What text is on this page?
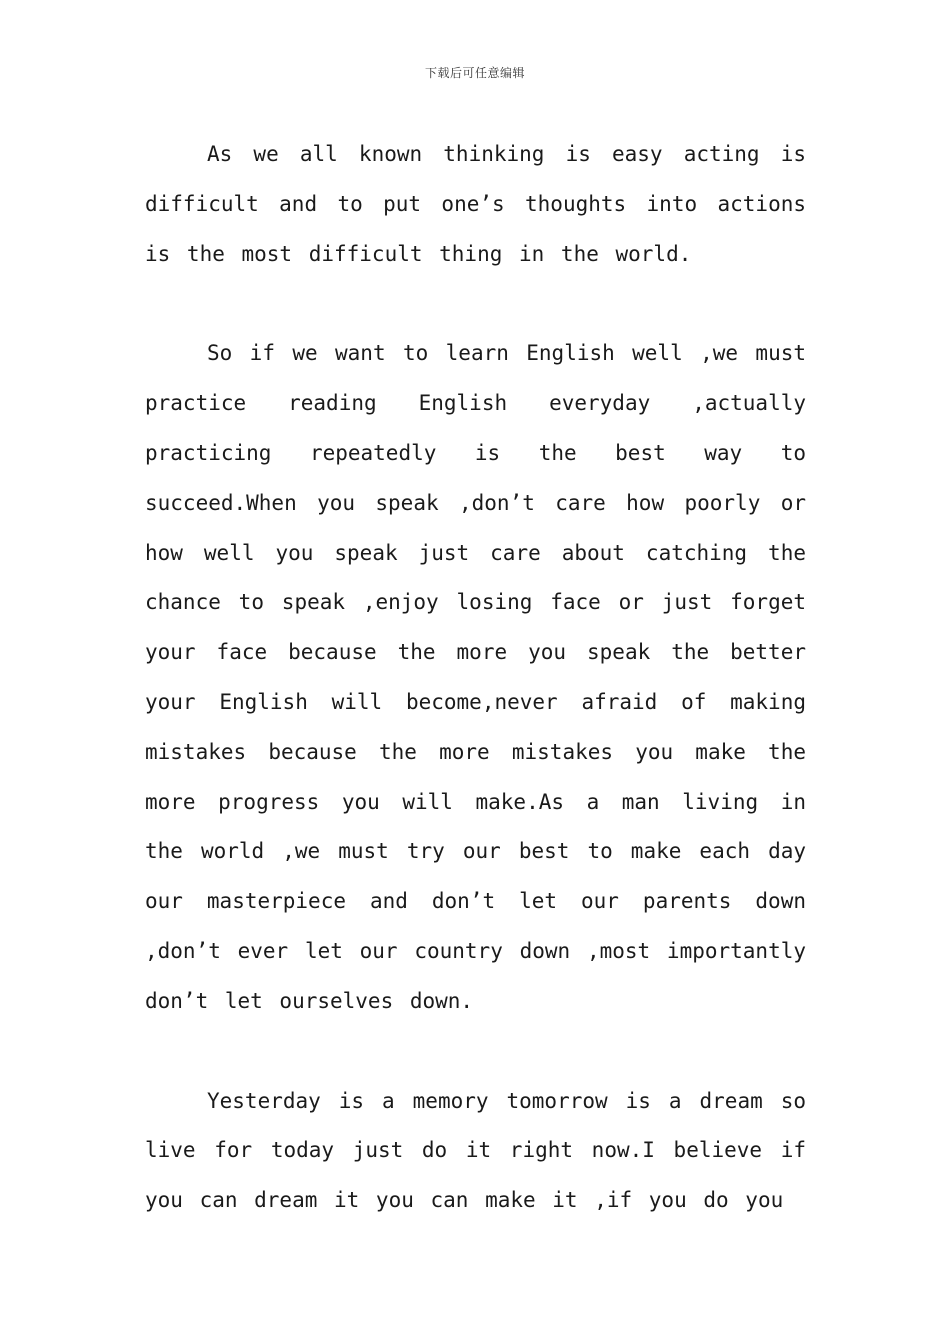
下载后可任意编辑

As we all known thinking is easy acting is difficult and to put one’s thoughts into actions is the most difficult thing in the world.

So if we want to learn English well ,we must practice reading English everyday ,actually practicing repeatedly is the best way to succeed.When you speak ,don’t care how poorly or how well you speak just care about catching the chance to speak ,enjoy losing face or just forget your face because the more you speak the better your English will become,never afraid of making mistakes because the more mistakes you make the more progress you will make.As a man living in the world ,we must try our best to make each day our masterpiece and don’t let our parents down ,don’t ever let our country down ,most importantly don’t let ourselves down.

Yesterday is a memory tomorrow is a dream so live for today just do it right now.I believe if you can dream it you can make it ,if you do you
